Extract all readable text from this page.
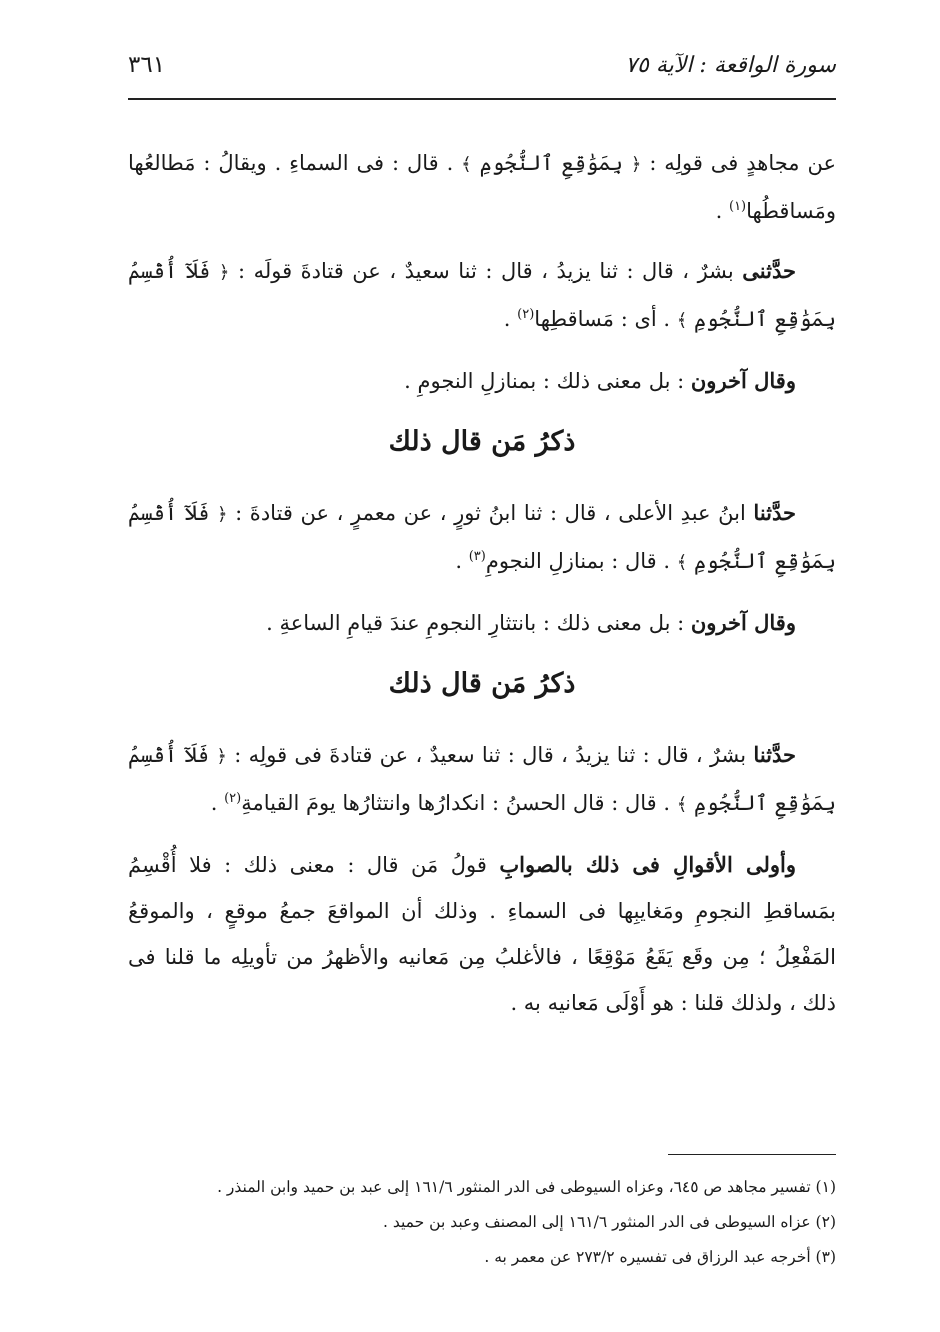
سورة الواقعة : الآية ٧٥
٣٦١

عن مجاهدٍ فى قولِه : ﴿ بِمَوَٰقِعِ ٱلنُّجُومِ ﴾ . قال : فى السماءِ . ويقالُ : مَطالعُها ومَساقطُها$^{(١)}$ .

حدَّثنى بشرٌ ، قال : ثنا يزيدُ ، قال : ثنا سعيدٌ ، عن قتادةَ قولَه : ﴿ فَلَآ أُقْسِمُ بِمَوَٰقِعِ ٱلنُّجُومِ ﴾ . أى : مَساقطِها$^{(٢)}$ .

وقال آخرون : بل معنى ذلك : بمنازلِ النجومِ .

ذكرُ مَن قال ذلك

حدَّثنا ابنُ عبدِ الأعلى ، قال : ثنا ابنُ ثورٍ ، عن معمرٍ ، عن قتادةَ : ﴿ فَلَآ أُقْسِمُ بِمَوَٰقِعِ ٱلنُّجُومِ ﴾ . قال : بمنازلِ النجومِ$^{(٣)}$ .

وقال آخرون : بل معنى ذلك : بانتثارِ النجومِ عندَ قيامِ الساعةِ .

ذكرُ مَن قال ذلك

حدَّثنا بشرٌ ، قال : ثنا يزيدُ ، قال : ثنا سعيدٌ ، عن قتادةَ فى قولِه : ﴿ فَلَآ أُقْسِمُ بِمَوَٰقِعِ ٱلنُّجُومِ ﴾ . قال : قال الحسنُ : انكدارُها وانتثارُها يومَ القيامةِ$^{(٢)}$ .

وأولى الأقوالِ فى ذلك بالصوابِ قولُ مَن قال : معنى ذلك : فلا أُقْسِمُ بمَساقطِ النجومِ ومَغايبِها فى السماءِ . وذلك أن المواقعَ جمعُ موقعٍ ، والموقعُ المَفْعِلُ ؛ مِن وقَع يَقَعُ مَوْقِعًا ، فالأغلبُ مِن مَعانيه والأظهرُ من تأويلِه ما قلنا فى ذلك ، ولذلك قلنا : هو أَوْلَى مَعانيه به .

(١) تفسير مجاهد ص ٦٤٥، وعزاه السيوطى فى الدر المنثور ١٦١/٦ إلى عبد بن حميد وابن المنذر .

(٢) عزاه السيوطى فى الدر المنثور ١٦١/٦ إلى المصنف وعبد بن حميد .

(٣) أخرجه عبد الرزاق فى تفسيره ٢٧٣/٢ عن معمر به .
